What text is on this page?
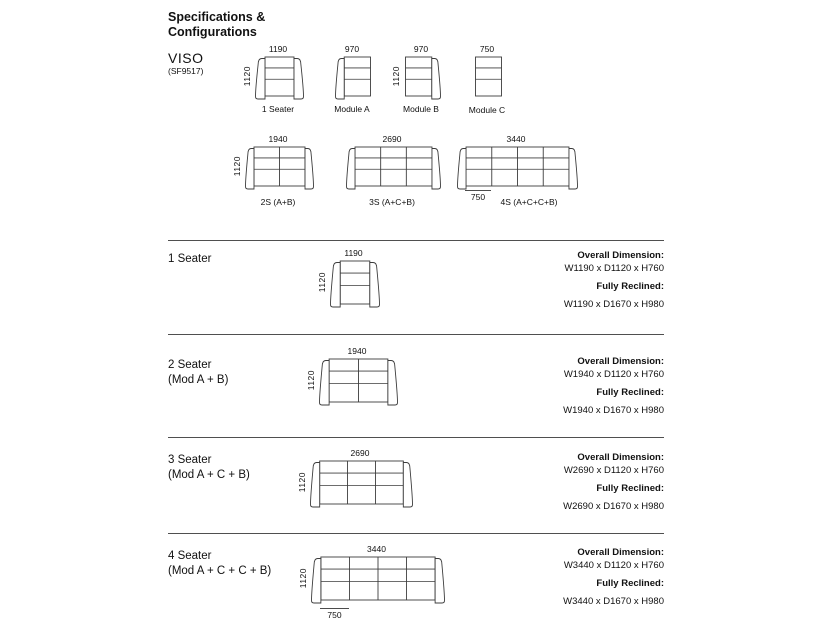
Specifications &
Configurations
VISO
(SF9517)
1190
1120
1 Seater
970
Module A
970
1120
Module B
750
Module C
1940
1120
2S (A+B)
2690
3S (A+C+B)
3440
750	4S (A+C+C+B)
1 Seater	1190
1120
Overall Dimension:
W1190 x D1120 x H760
Fully Reclined:
W1190 x D1670 x H980
2 Seater
(Mod A + B)
1940
1120
Overall Dimension:
W1940 x D1120 x H760
Fully Reclined:
W1940 x D1670 x H980
3 Seater
(Mod A + C + B)
2690
1120
Overall Dimension:
W2690 x D1120 x H760
Fully Reclined:
W2690 x D1670 x H980
4 Seater
(Mod A + C + C + B)
3440
1120
750
Overall Dimension:
W3440 x D1120 x H760
Fully Reclined:
W3440 x D1670 x H980
